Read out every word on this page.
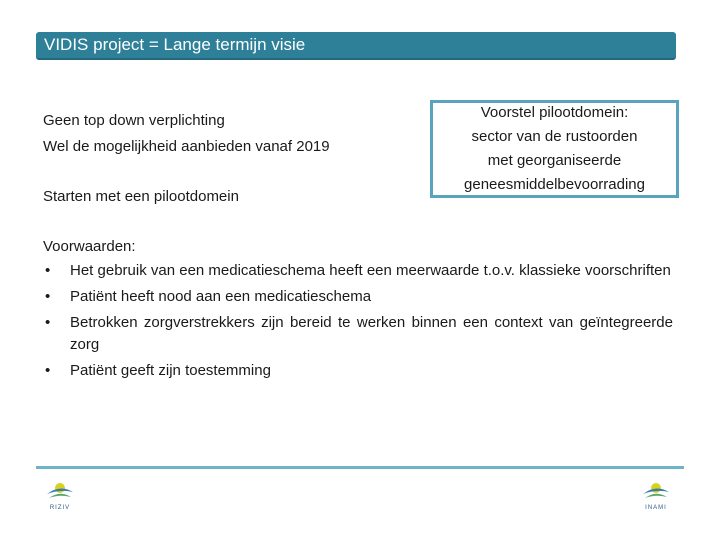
VIDIS project = Lange termijn visie
Geen top down verplichting
Wel de mogelijkheid aanbieden vanaf 2019
Starten met een pilootdomein
Voorstel pilootdomein:
sector van de rustoorden
met georganiseerde
geneesmiddelbevoorrading
Voorwaarden:
• Het gebruik van een medicatieschema heeft een meerwaarde t.o.v. klassieke voorschriften
• Patiënt heeft nood aan een medicatieschema
• Betrokken zorgverstrekkers zijn bereid te werken binnen een context van geïntegreerde zorg
• Patiënt geeft zijn toestemming
RIZIV	INAMI
